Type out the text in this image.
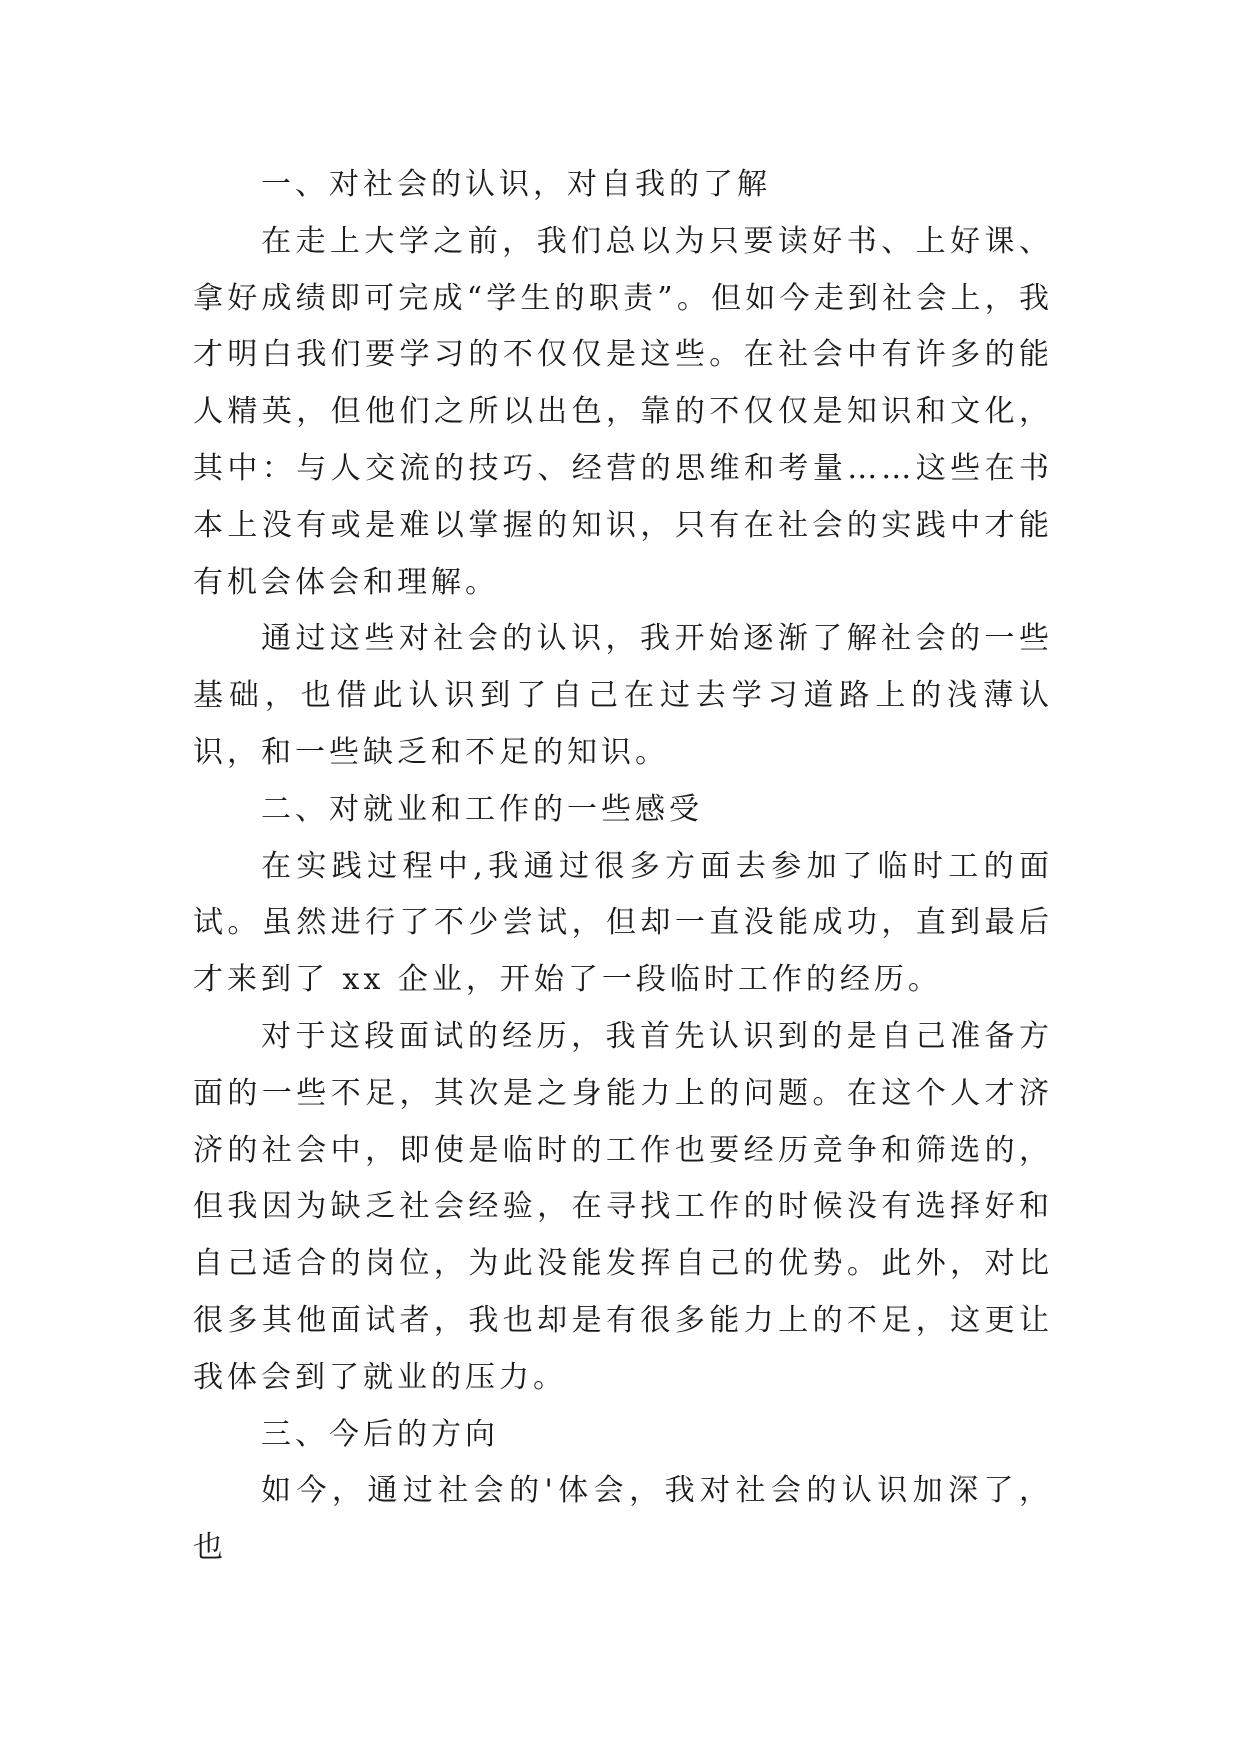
一、对社会的认识，对自我的了解

在走上大学之前，我们总以为只要读好书、上好课、拿好成绩即可完成“学生的职责”。但如今走到社会上，我才明白我们要学习的不仅仅是这些。在社会中有许多的能人精英，但他们之所以出色，靠的不仅仅是知识和文化，其中：与人交流的技巧、经营的思维和考量……这些在书本上没有或是难以掌握的知识，只有在社会的实践中才能有机会体会和理解。

通过这些对社会的认识，我开始逐渐了解社会的一些基础，也借此认识到了自己在过去学习道路上的浅薄认识，和一些缺乏和不足的知识。

二、对就业和工作的一些感受

在实践过程中,我通过很多方面去参加了临时工的面试。虽然进行了不少尝试，但却一直没能成功，直到最后才来到了 xx 企业，开始了一段临时工作的经历。

对于这段面试的经历，我首先认识到的是自己准备方面的一些不足，其次是之身能力上的问题。在这个人才济济的社会中，即使是临时的工作也要经历竞争和筛选的，但我因为缺乏社会经验，在寻找工作的时候没有选择好和自己适合的岗位，为此没能发挥自己的优势。此外，对比很多其他面试者，我也却是有很多能力上的不足，这更让我体会到了就业的压力。

三、今后的方向

如今，通过社会的'体会，我对社会的认识加深了，也
